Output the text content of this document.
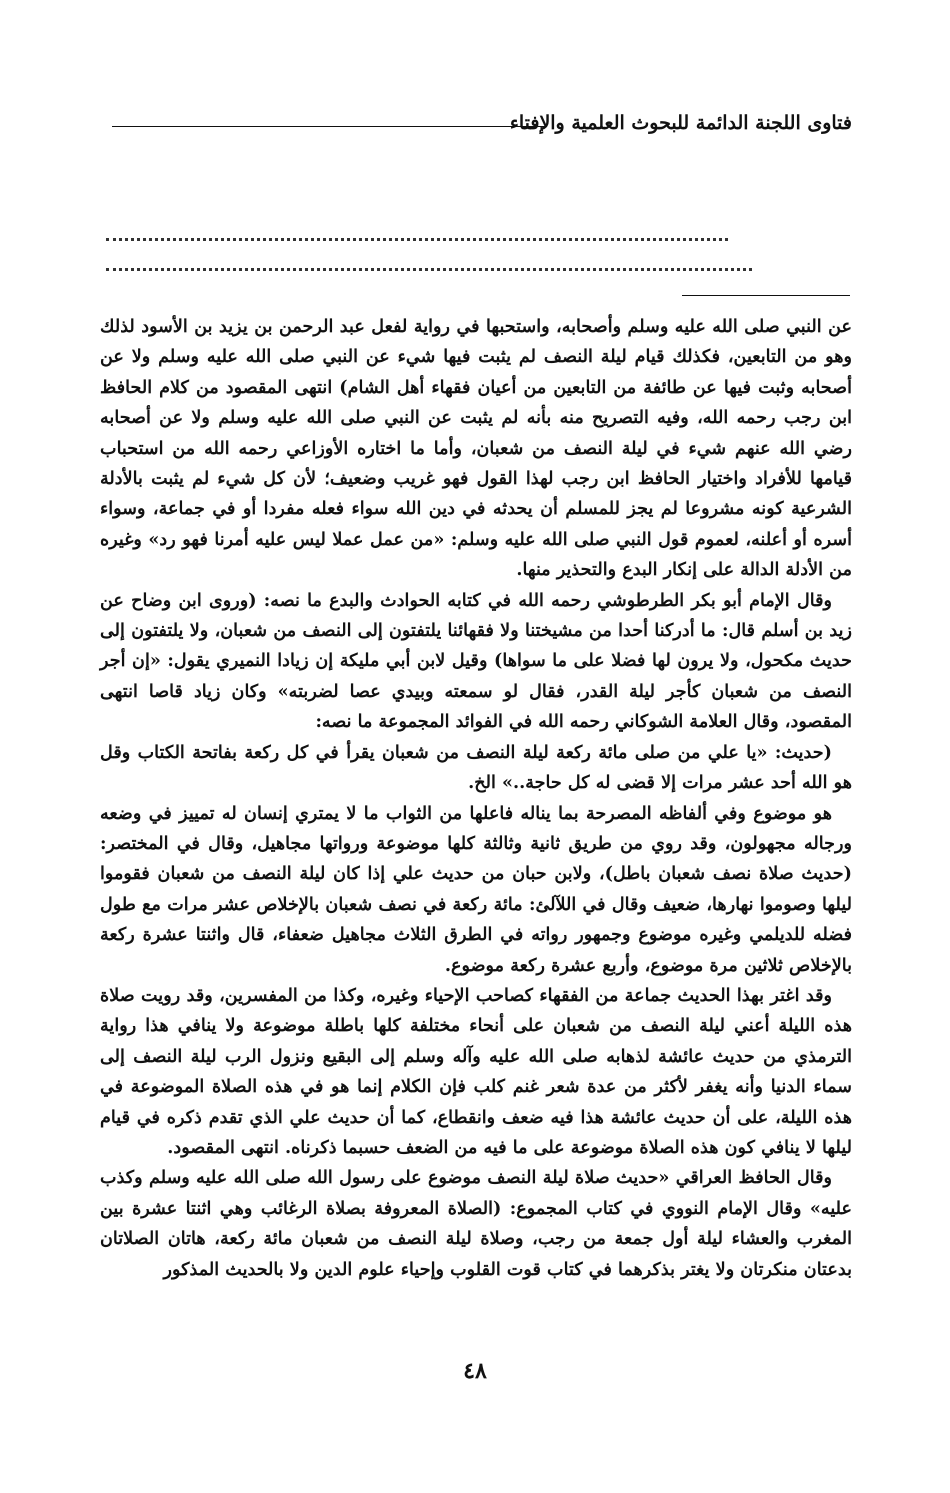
فتاوى اللجنة الدائمة للبحوث العلمية والإفتاء

عن النبي صلى الله عليه وسلم وأصحابه، واستحبها في رواية لفعل عبد الرحمن بن يزيد بن الأسود لذلك وهو من التابعين، فكذلك قيام ليلة النصف لم يثبت فيها شيء عن النبي صلى الله عليه وسلم ولا عن أصحابه وثبت فيها عن طائفة من التابعين من أعيان فقهاء أهل الشام) انتهى المقصود من كلام الحافظ ابن رجب رحمه الله، وفيه التصريح منه بأنه لم يثبت عن النبي صلى الله عليه وسلم ولا عن أصحابه رضي الله عنهم شيء في ليلة النصف من شعبان، وأما ما اختاره الأوزاعي رحمه الله من استحباب قيامها للأفراد واختيار الحافظ ابن رجب لهذا القول فهو غريب وضعيف؛ لأن كل شيء لم يثبت بالأدلة الشرعية كونه مشروعا لم يجز للمسلم أن يحدثه في دين الله سواء فعله مفردا أو في جماعة، وسواء أسره أو أعلنه، لعموم قول النبي صلى الله عليه وسلم: «من عمل عملا ليس عليه أمرنا فهو رد» وغيره من الأدلة الدالة على إنكار البدع والتحذير منها.

وقال الإمام أبو بكر الطرطوشي رحمه الله في كتابه الحوادث والبدع ما نصه: (وروى ابن وضاح عن زيد بن أسلم قال: ما أدركنا أحدا من مشيختنا ولا فقهائنا يلتفتون إلى النصف من شعبان، ولا يلتفتون إلى حديث مكحول، ولا يرون لها فضلا على ما سواها) وقيل لابن أبي مليكة إن زيادا النميري يقول: «إن أجر النصف من شعبان كأجر ليلة القدر، فقال لو سمعته وبيدي عصا لضربته» وكان زياد قاصا انتهى المقصود، وقال العلامة الشوكاني رحمه الله في الفوائد المجموعة ما نصه:

(حديث: «يا علي من صلى مائة ركعة ليلة النصف من شعبان يقرأ في كل ركعة بفاتحة الكتاب وقل هو الله أحد عشر مرات إلا قضى له كل حاجة..» الخ.

هو موضوع وفي ألفاظه المصرحة بما يناله فاعلها من الثواب ما لا يمتري إنسان له تمييز في وضعه ورجاله مجهولون، وقد روي من طريق ثانية وثالثة كلها موضوعة ورواتها مجاهيل، وقال في المختصر: (حديث صلاة نصف شعبان باطل)، ولابن حبان من حديث علي إذا كان ليلة النصف من شعبان فقوموا ليلها وصوموا نهارها، ضعيف وقال في اللآلئ: مائة ركعة في نصف شعبان بالإخلاص عشر مرات مع طول فضله للديلمي وغيره موضوع وجمهور رواته في الطرق الثلاث مجاهيل ضعفاء، قال واثنتا عشرة ركعة بالإخلاص ثلاثين مرة موضوع، وأربع عشرة ركعة موضوع.

وقد اغتر بهذا الحديث جماعة من الفقهاء كصاحب الإحياء وغيره، وكذا من المفسرين، وقد رويت صلاة هذه الليلة أعني ليلة النصف من شعبان على أنحاء مختلفة كلها باطلة موضوعة ولا ينافي هذا رواية الترمذي من حديث عائشة لذهابه صلى الله عليه وآله وسلم إلى البقيع ونزول الرب ليلة النصف إلى سماء الدنيا وأنه يغفر لأكثر من عدة شعر غنم كلب فإن الكلام إنما هو في هذه الصلاة الموضوعة في هذه الليلة، على أن حديث عائشة هذا فيه ضعف وانقطاع، كما أن حديث علي الذي تقدم ذكره في قيام ليلها لا ينافي كون هذه الصلاة موضوعة على ما فيه من الضعف حسبما ذكرناه. انتهى المقصود.

وقال الحافظ العراقي «حديث صلاة ليلة النصف موضوع على رسول الله صلى الله عليه وسلم وكذب عليه» وقال الإمام النووي في كتاب المجموع: (الصلاة المعروفة بصلاة الرغائب وهي اثنتا عشرة بين المغرب والعشاء ليلة أول جمعة من رجب، وصلاة ليلة النصف من شعبان مائة ركعة، هاتان الصلاتان بدعتان منكرتان ولا يغتر بذكرهما في كتاب قوت القلوب وإحياء علوم الدين ولا بالحديث المذكور

٤٨
